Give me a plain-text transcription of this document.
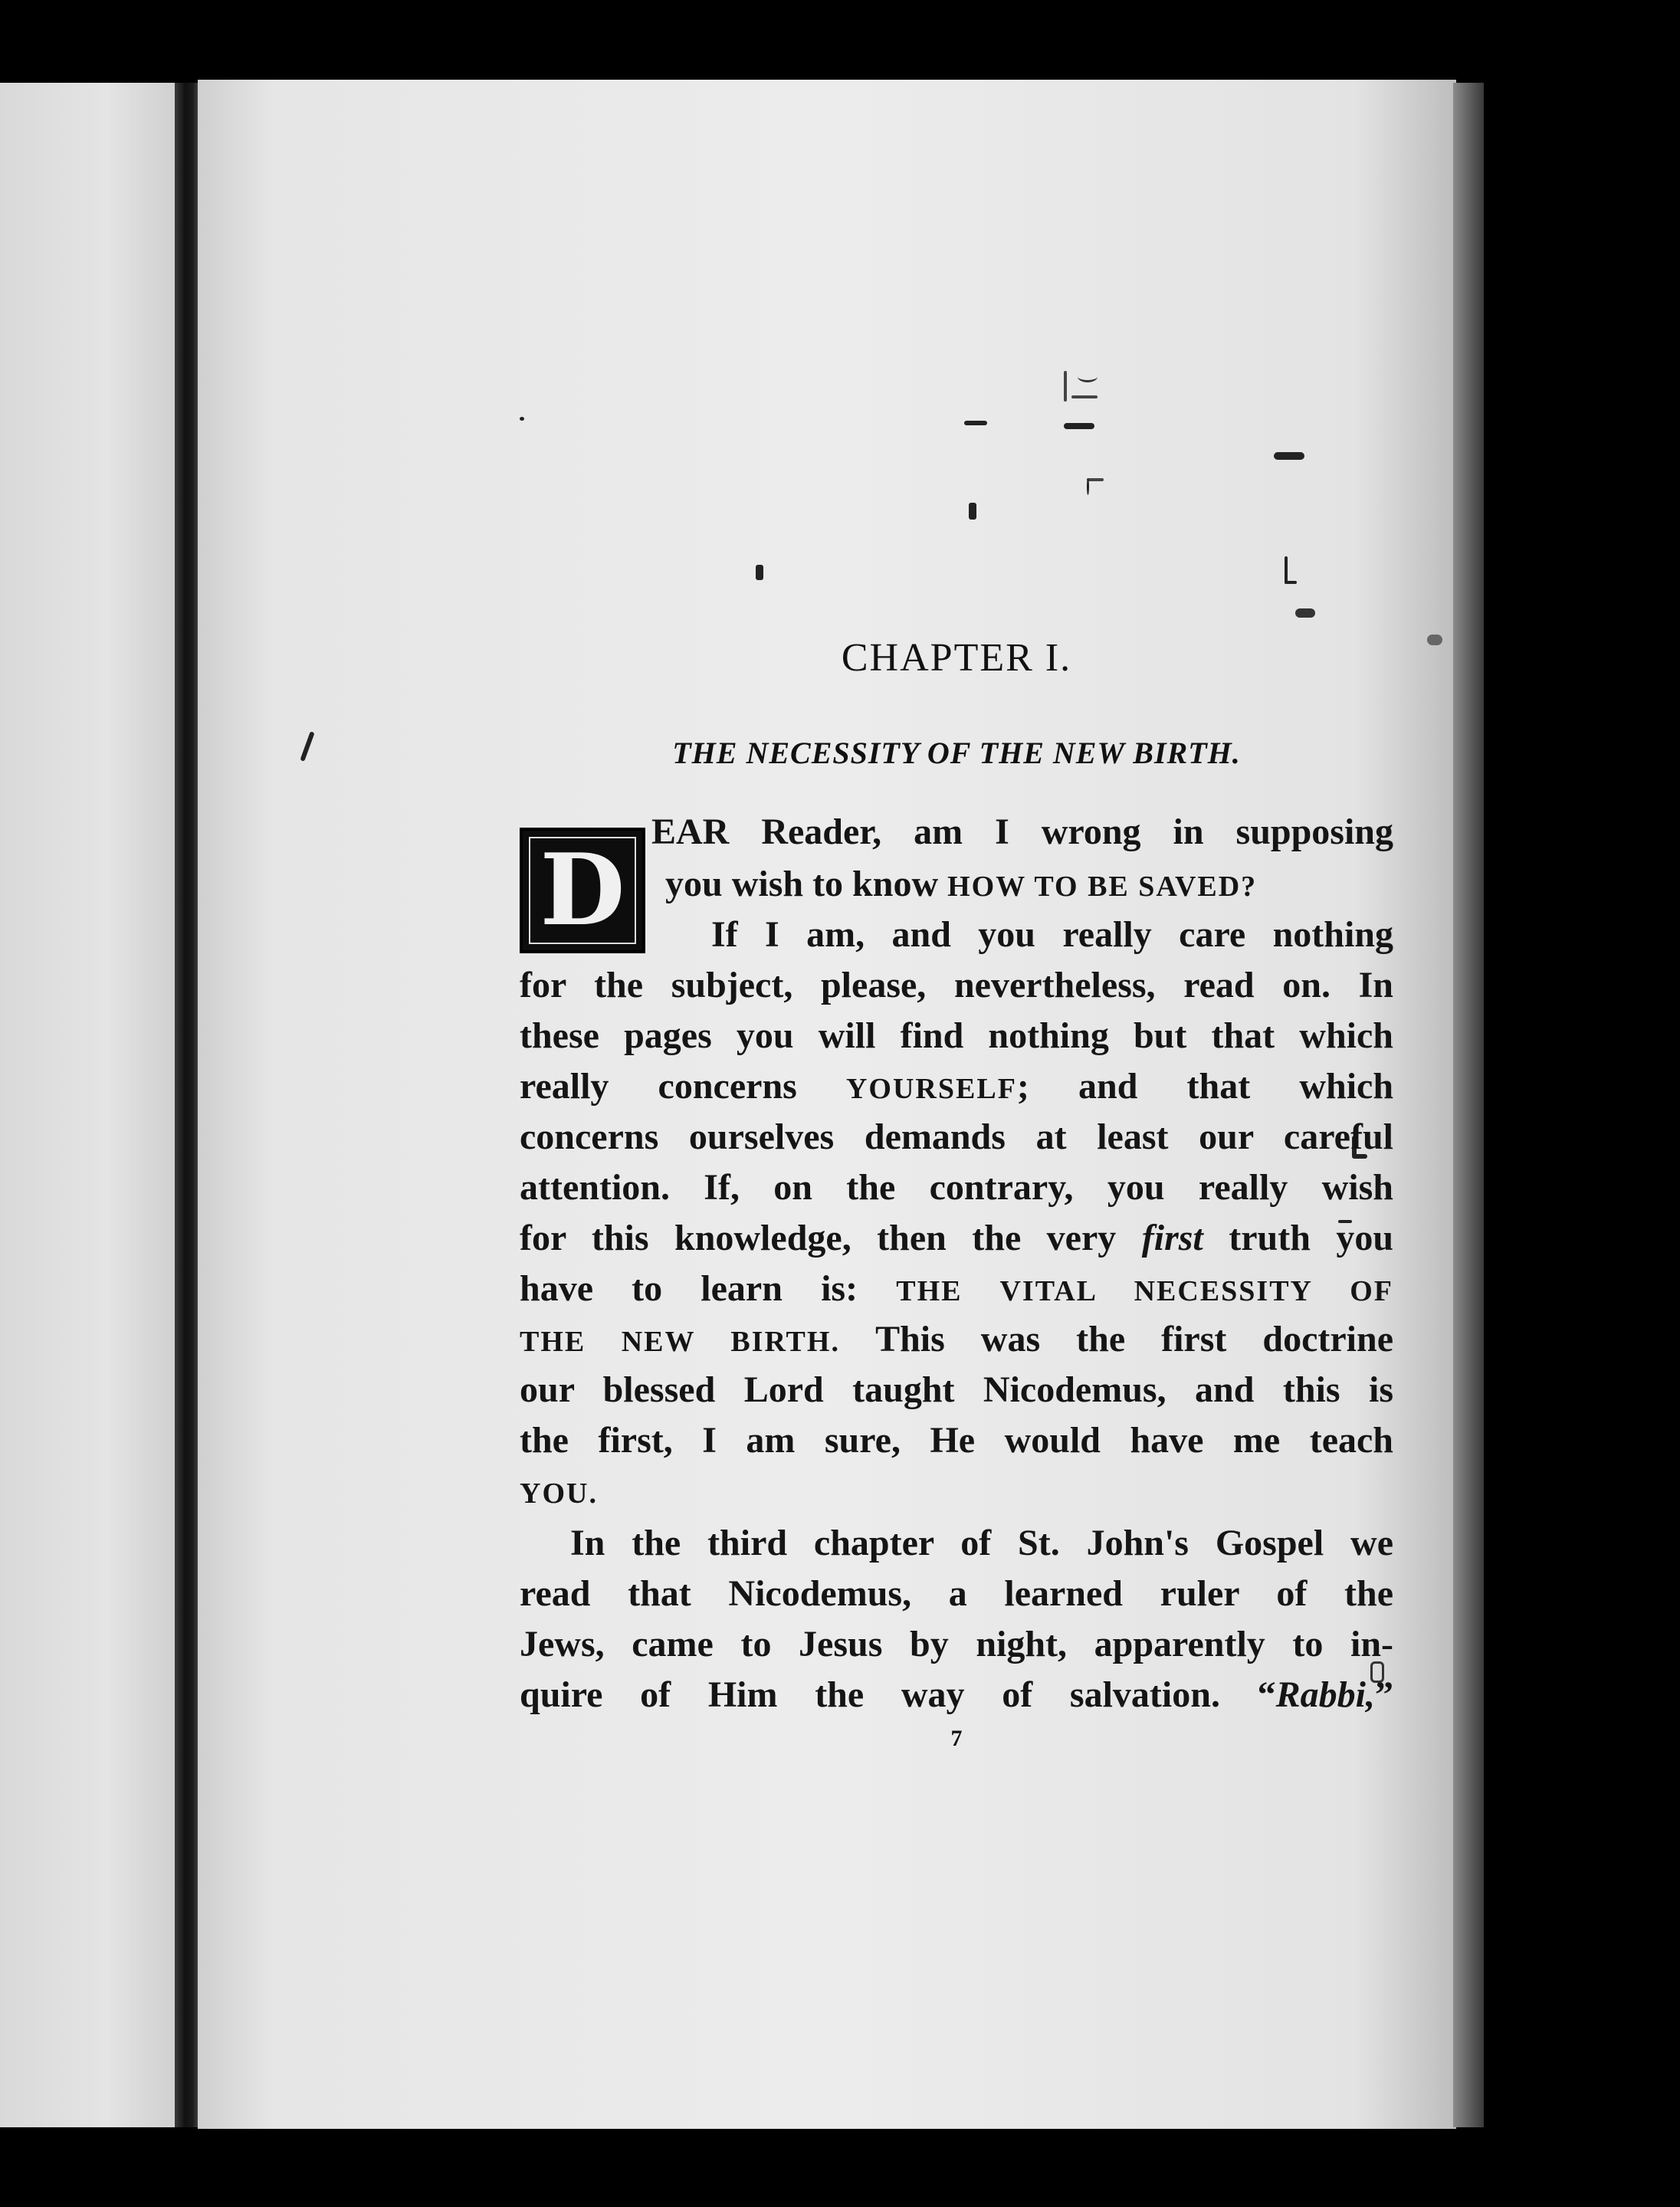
CHAPTER I.
THE NECESSITY OF THE NEW BIRTH.
D
EAR Reader, am I wrong in supposing
you wish to know HOW TO BE SAVED?
If I am, and you really care nothing
for the subject, please, nevertheless, read on. In
these pages you will find nothing but that which
really concerns YOURSELF; and that which
concerns ourselves demands at least our careful
attention. If, on the contrary, you really wish
for this knowledge, then the very first truth you
have to learn is: THE VITAL NECESSITY OF
THE NEW BIRTH. This was the first doctrine
our blessed Lord taught Nicodemus, and this is
the first, I am sure, He would have me teach
YOU.
In the third chapter of St. John's Gospel we
read that Nicodemus, a learned ruler of the
Jews, came to Jesus by night, apparently to in-
quire of Him the way of salvation. “Rabbi,”
7
